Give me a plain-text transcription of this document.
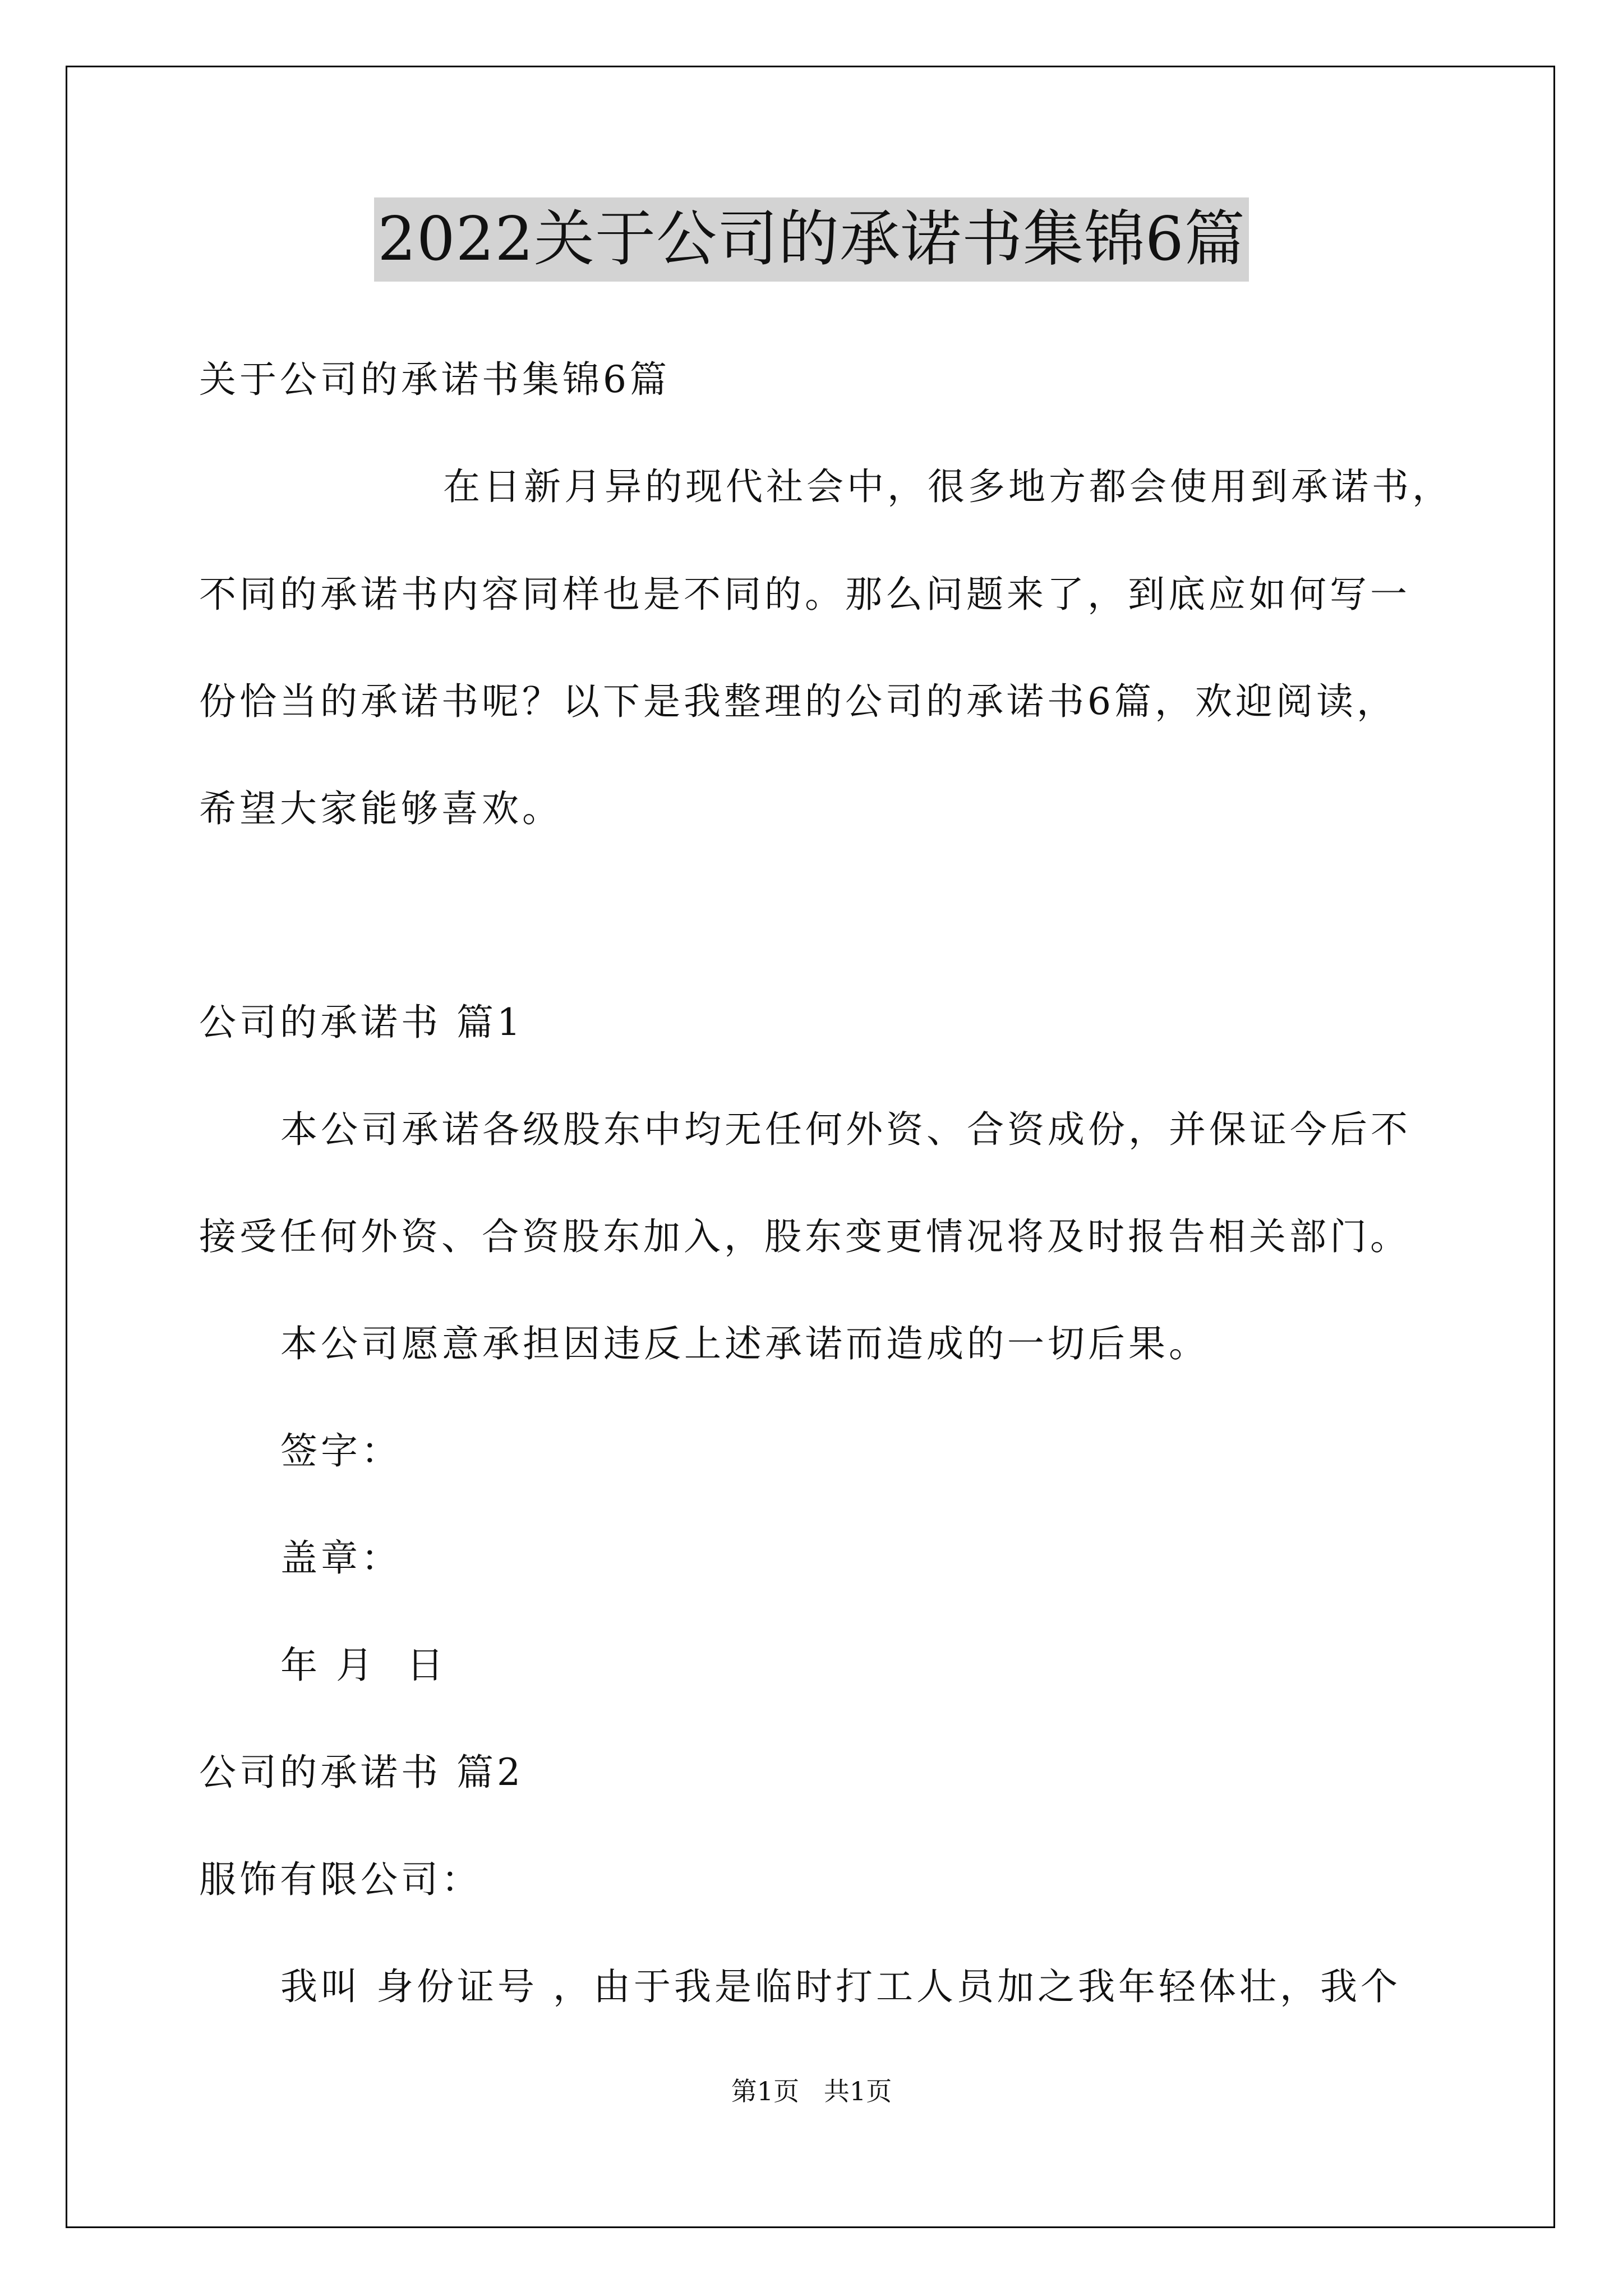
2022关于公司的承诺书集锦6篇
关于公司的承诺书集锦6篇
在日新月异的现代社会中，很多地方都会使用到承诺书，
不同的承诺书内容同样也是不同的。那么问题来了，到底应如何写一
份恰当的承诺书呢？以下是我整理的公司的承诺书6篇，欢迎阅读，
希望大家能够喜欢。
公司的承诺书 篇1
本公司承诺各级股东中均无任何外资、合资成份，并保证今后不
接受任何外资、合资股东加入，股东变更情况将及时报告相关部门。
本公司愿意承担因违反上述承诺而造成的一切后果。
签字：
盖章：
年 月  日
公司的承诺书 篇2
服饰有限公司：
我叫 身份证号 ，由于我是临时打工人员加之我年轻体壮，我个
第1页   共1页
